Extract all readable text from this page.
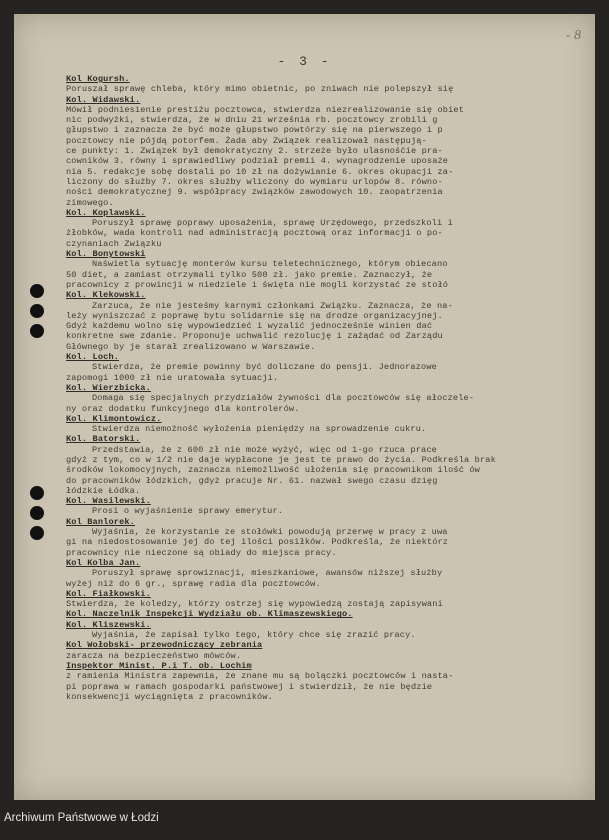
- 8
- 3 -
Kol Kogursh.
Poruszał sprawę chleba, który mimo obietnic, po zniwach nie polepszył się
Kol. Widawski.
Mówił podniesienie prestiżu pocztowca, stwierdza niezrealizowanie się obiet
nic podwyżki, stwierdza, że w dniu 21 września rb. pocztowcy zrobili g
głupstwo i zaznacza że być może głupstwo powtórzy się na pierwszego i p
pocztowcy nie pójdą potorfem. Żada aby Związek realizował następują-
ce punkty: 1. Związek był demokratyczny 2. strzeże było ulasnośćie pra-
cowników 3. równy i sprawiedliwy podział premii 4. wynagrodzenie uposaże
nia 5. redakcje sobę dostali po 10 zł na dożywianie 6. okres okupacji za-
liczony do służby 7. okres służby wliczony do wymiaru urlopów 8. równo-
ności demokratycznej 9. współpracy związków zawodowych 10. zaopatrzenia
zimowego.
Kol. Koplawski.
Poruszył sprawę poprawy uposażenia, sprawę Urzędowego, przedszkoli i
żłobków, wada kontroli nad administracją pocztową oraz informacji o po-
czynaniach Związku
Kol. Bonytowski
Naświetla sytuację monterów kursu teletechnicznego, którym obiecano
50 diet, a zamiast otrzymali tylko 500 zł. jako premie. Zaznaczył, że
pracownicy z prowincji w niedziele i święta nie mogli korzystać ze stołó
Kol. Klekowski.
Zarzuca, że nie jesteśmy karnymi członkami Związku. Zaznacza, że na-
leży wyniszczać z poprawę bytu solidarnie się na drodze organizacyjnej.
Gdyż każdemu wolno się wypowiedzieć i wyzalić jednocześnie winien dać
konkretne swe zdanie. Proponuje uchwalić rezolucję i zażądać od Zarządu
Głównego by je starał zrealizowano w Warszawie.
Kol. Loch.
Stwierdza, że premie powinny być doliczane do pensji. Jednorazowe
zapomogi 1000 zł nie uratowała sytuacji.
Kol. Wierzbicka.
Domaga się specjalnych przydziałów żywności dla pocztowców się ałoczele-
ny oraz dodatku funkcyjnego dla kontrolerów.
Kol. Klimontowicz.
Stwierdza niemożność wyłożenia pieniędzy na sprowadzenie cukru.
Kol. Batorski.
Przedstawia, że z 600 zł nie może wyżyć, więc od 1-go rzuca prace
gdyż z tym, co w 1/2 nie daje wypłacone je jest te prawo do życia. Podkreśla brak
środków lokomocyjnych, zaznacza niemożliwość ułożenia się pracownikom ilość ów
do pracowników łódzkich, gdyż pracuje Nr. 61. nazwał swego czasu dzięg
łódzkie Łódka.
Kol. Wasilewski.
Prosi o wyjaśnienie sprawy emerytur.
Kol Banlorek.
Wyjaśnia, że korzystanie ze stołówki powodują przerwę w pracy z uwa
gi na niedostosowanie jej do tej ilości posiłków. Podkreśla, że niektórz
pracownicy nie nieczone są obiady do miejsca pracy.
Kol Kolba Jan.
Poruszył sprawę sprowiznacji, mieszkaniowe, awansów niższej służby
wyżej niż do 6 gr., sprawę radia dla pocztowców.
Kol. Fiałkowski.
Stwierdza, że koledzy, którzy ostrzej się wypowiedzą zostają zapisywani
Kol. Naczelnik Inspekcji Wydziału ob. Klimaszewskiego.
Kol. Kliszewski.
Wyjaśnia, że zapisał tylko tego, który chce się zrazić pracy.
Kol Wołobski- przewodniczący zebrania
zaracza na bezpieczeństwo mówców.
Inspektor Minist. P.i T. ob. Lochim
z ramienia Ministra zapewnia, że znane mu są bolączki pocztowców i nasta-
pi poprawa w ramach gospodarki państwowej i stwierdził, że nie będzie
konsekwencji wyciągnięta z pracowników.
Archiwum Państwowe w Łodzi
